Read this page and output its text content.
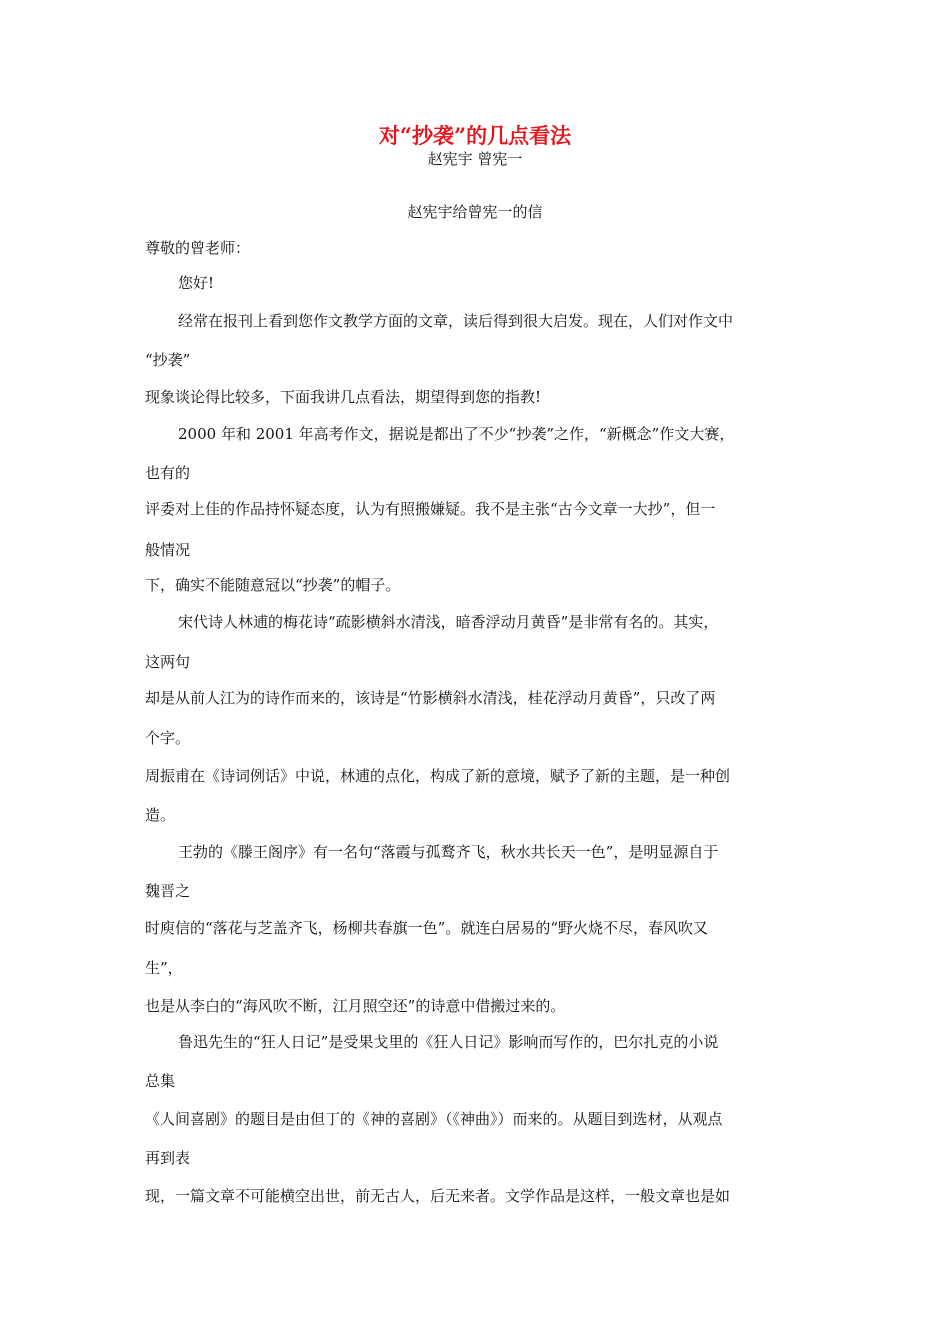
对“抄袭”的几点看法
赵宪宇 曾宪一
赵宪宇给曾宪一的信
尊敬的曾老师：
您好!
经常在报刊上看到您作文教学方面的文章，读后得到很大启发。现在，人们对作文中
“抄袭”
现象谈论得比较多，下面我讲几点看法，期望得到您的指教!
2000 年和 2001 年高考作文，据说是都出了不少“抄袭”之作，“新概念”作文大赛，
也有的
评委对上佳的作品持怀疑态度，认为有照搬嫌疑。我不是主张“古今文章一大抄”，但一
般情况
下，确实不能随意冠以“抄袭”的帽子。
宋代诗人林逋的梅花诗“疏影横斜水清浅，暗香浮动月黄昏”是非常有名的。其实，
这两句
却是从前人江为的诗作而来的，该诗是“竹影横斜水清浅，桂花浮动月黄昏”，只改了两
个字。
周振甫在《诗词例话》中说，林逋的点化，构成了新的意境，赋予了新的主题，是一种创
造。
王勃的《滕王阁序》有一名句“落霞与孤鹜齐飞，秋水共长天一色”，是明显源自于
魏晋之
时庾信的“落花与芝盖齐飞，杨柳共春旗一色”。就连白居易的“野火烧不尽，春风吹又
生”，
也是从李白的“海风吹不断，江月照空还”的诗意中借搬过来的。
鲁迅先生的“狂人日记”是受果戈里的《狂人日记》影响而写作的，巴尔扎克的小说
总集
《人间喜剧》的题目是由但丁的《神的喜剧》（《神曲》）而来的。从题目到选材，从观点
再到表
现，一篇文章不可能横空出世，前无古人，后无来者。文学作品是这样，一般文章也是如
